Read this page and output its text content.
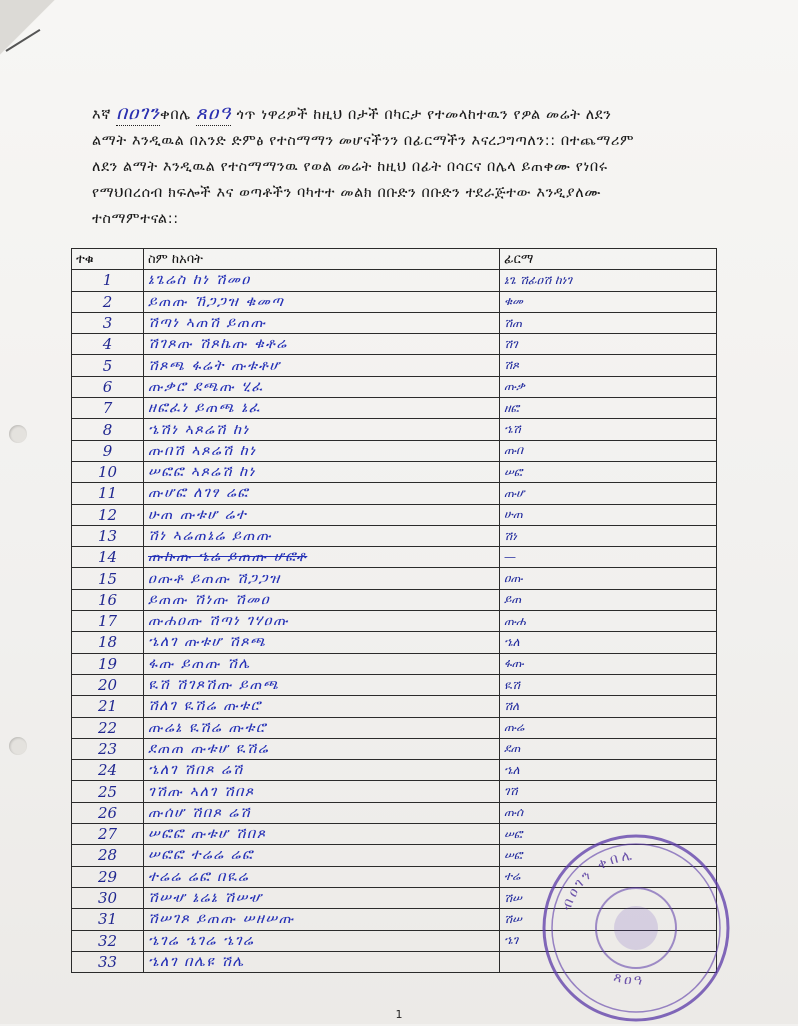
እኛ በዐገንቀበሌ ጸዐዓ ጎጥ ነዋሪዎች ከዚህ በታች በካርታ የተመላከተዉን የዎል መሬት ለደን
ልማት እንዲዉል በአንድ ድምፅ የተስማማን መሆናችንን በፊርማችን እናረጋግጣለን:: በተጨማሪም
ለደን ልማት እንዲዉል የተስማማንዉ የወል መሬት ከዚህ በፊት በሳርና በሌላ ይጠቀሙ የነበሩ
የማህበረሰብ ክፍሎች እና ወጣቶችን ባካተተ መልክ በቡድን በቡድን ተደራጅተው እንዲያለሙ
ተስማምተናል::
ተቁ	ስም ከአባት	ፊርማ
1	ኔጌሬስ ከነ ሽመዐ	ኔጌ ሽፊዐሽ ከነገ
2	ይጠጡ ኸጋጋዝ ቁመጣ	ቁመ
3	ሽጣነ ኣጠሽ ይጠጡ	ሽጠ
4	ሽገጾጡ ሽጾኬጡ ቁቶሬ	ሽገ
5	ሽጾጫ ፋሬት ጡቱቶሆ	ሽጾ
6	ጡቃሮ ደጫጡ ሂፈ	ጡቃ
7	ዘፎፈነ ይጠጫ ኔፈ	ዘፎ
8	ኄሽነ ኣጾሬሽ ከነ	ኄሽ
9	ጡበሽ ኣጾሬሽ ከነ	ጡበ
10	ሠፎፎ ኣጾሬሽ ከነ	ሠፎ
11	ጡሆፎ ለገፃ ሬፎ	ጡሆ
12	ሁጠ ጡቱሆ ሬተ	ሁጠ
13	ሽነ ኣሬጠኔሬ ይጠጡ	ሽነ
14	ጡኩጡ ኄሬ ይጠጡ ሆፎቶ	—
15	ዐጡቶ ይጠጡ ሽጋጋዝ	ዐጡ
16	ይጠጡ ሽነጡ ሽመዐ	ይጠ
17	ጡሐዐጡ ሽጣነ ገሃዐጡ	ጡሐ
18	ኄለገ ጡቱሆ ሽጾጫ	ኄለ
19	ፋጡ ይጠጡ ሽሌ	ፋጡ
20	ዪሽ ሽገጾሽጡ ይጠጫ	ዪሽ
21	ሽለገ ዪሽሬ ጡቱሮ	ሽለ
22	ጡሬኔ ዪሽሬ ጡቱሮ	ጡሬ
23	ደጠጠ ጡቱሆ ዪሽሬ	ደጠ
24	ኄለገ ሽበጾ ሬሽ	ኄለ
25	ገሽጡ ኣለገ ሽበጾ	ገሽ
26	ጡሰሆ ሽበጾ ሬሽ	ጡሰ
27	ሠፎፎ ጡቱሆ ሽበጾ	ሠፎ
28	ሠፎፎ ተሬሬ ሬፎ	ሠፎ
29	ተሬሬ ሬፎ በዪሬ	ተሬ
30	ሽሠሇ ኔሬኔ ሽሠሇ	ሽሠ
31	ሽሠገጾ ይጠጡ ሠዘሠጡ	ሽሠ
32	ኄገሬ ኄገሬ ኄገሬ	ኄገ
33	ኄለገ በሌዩ ሽሌ	
ብዐገን ቀበሌ
ጸዐዓ
1
